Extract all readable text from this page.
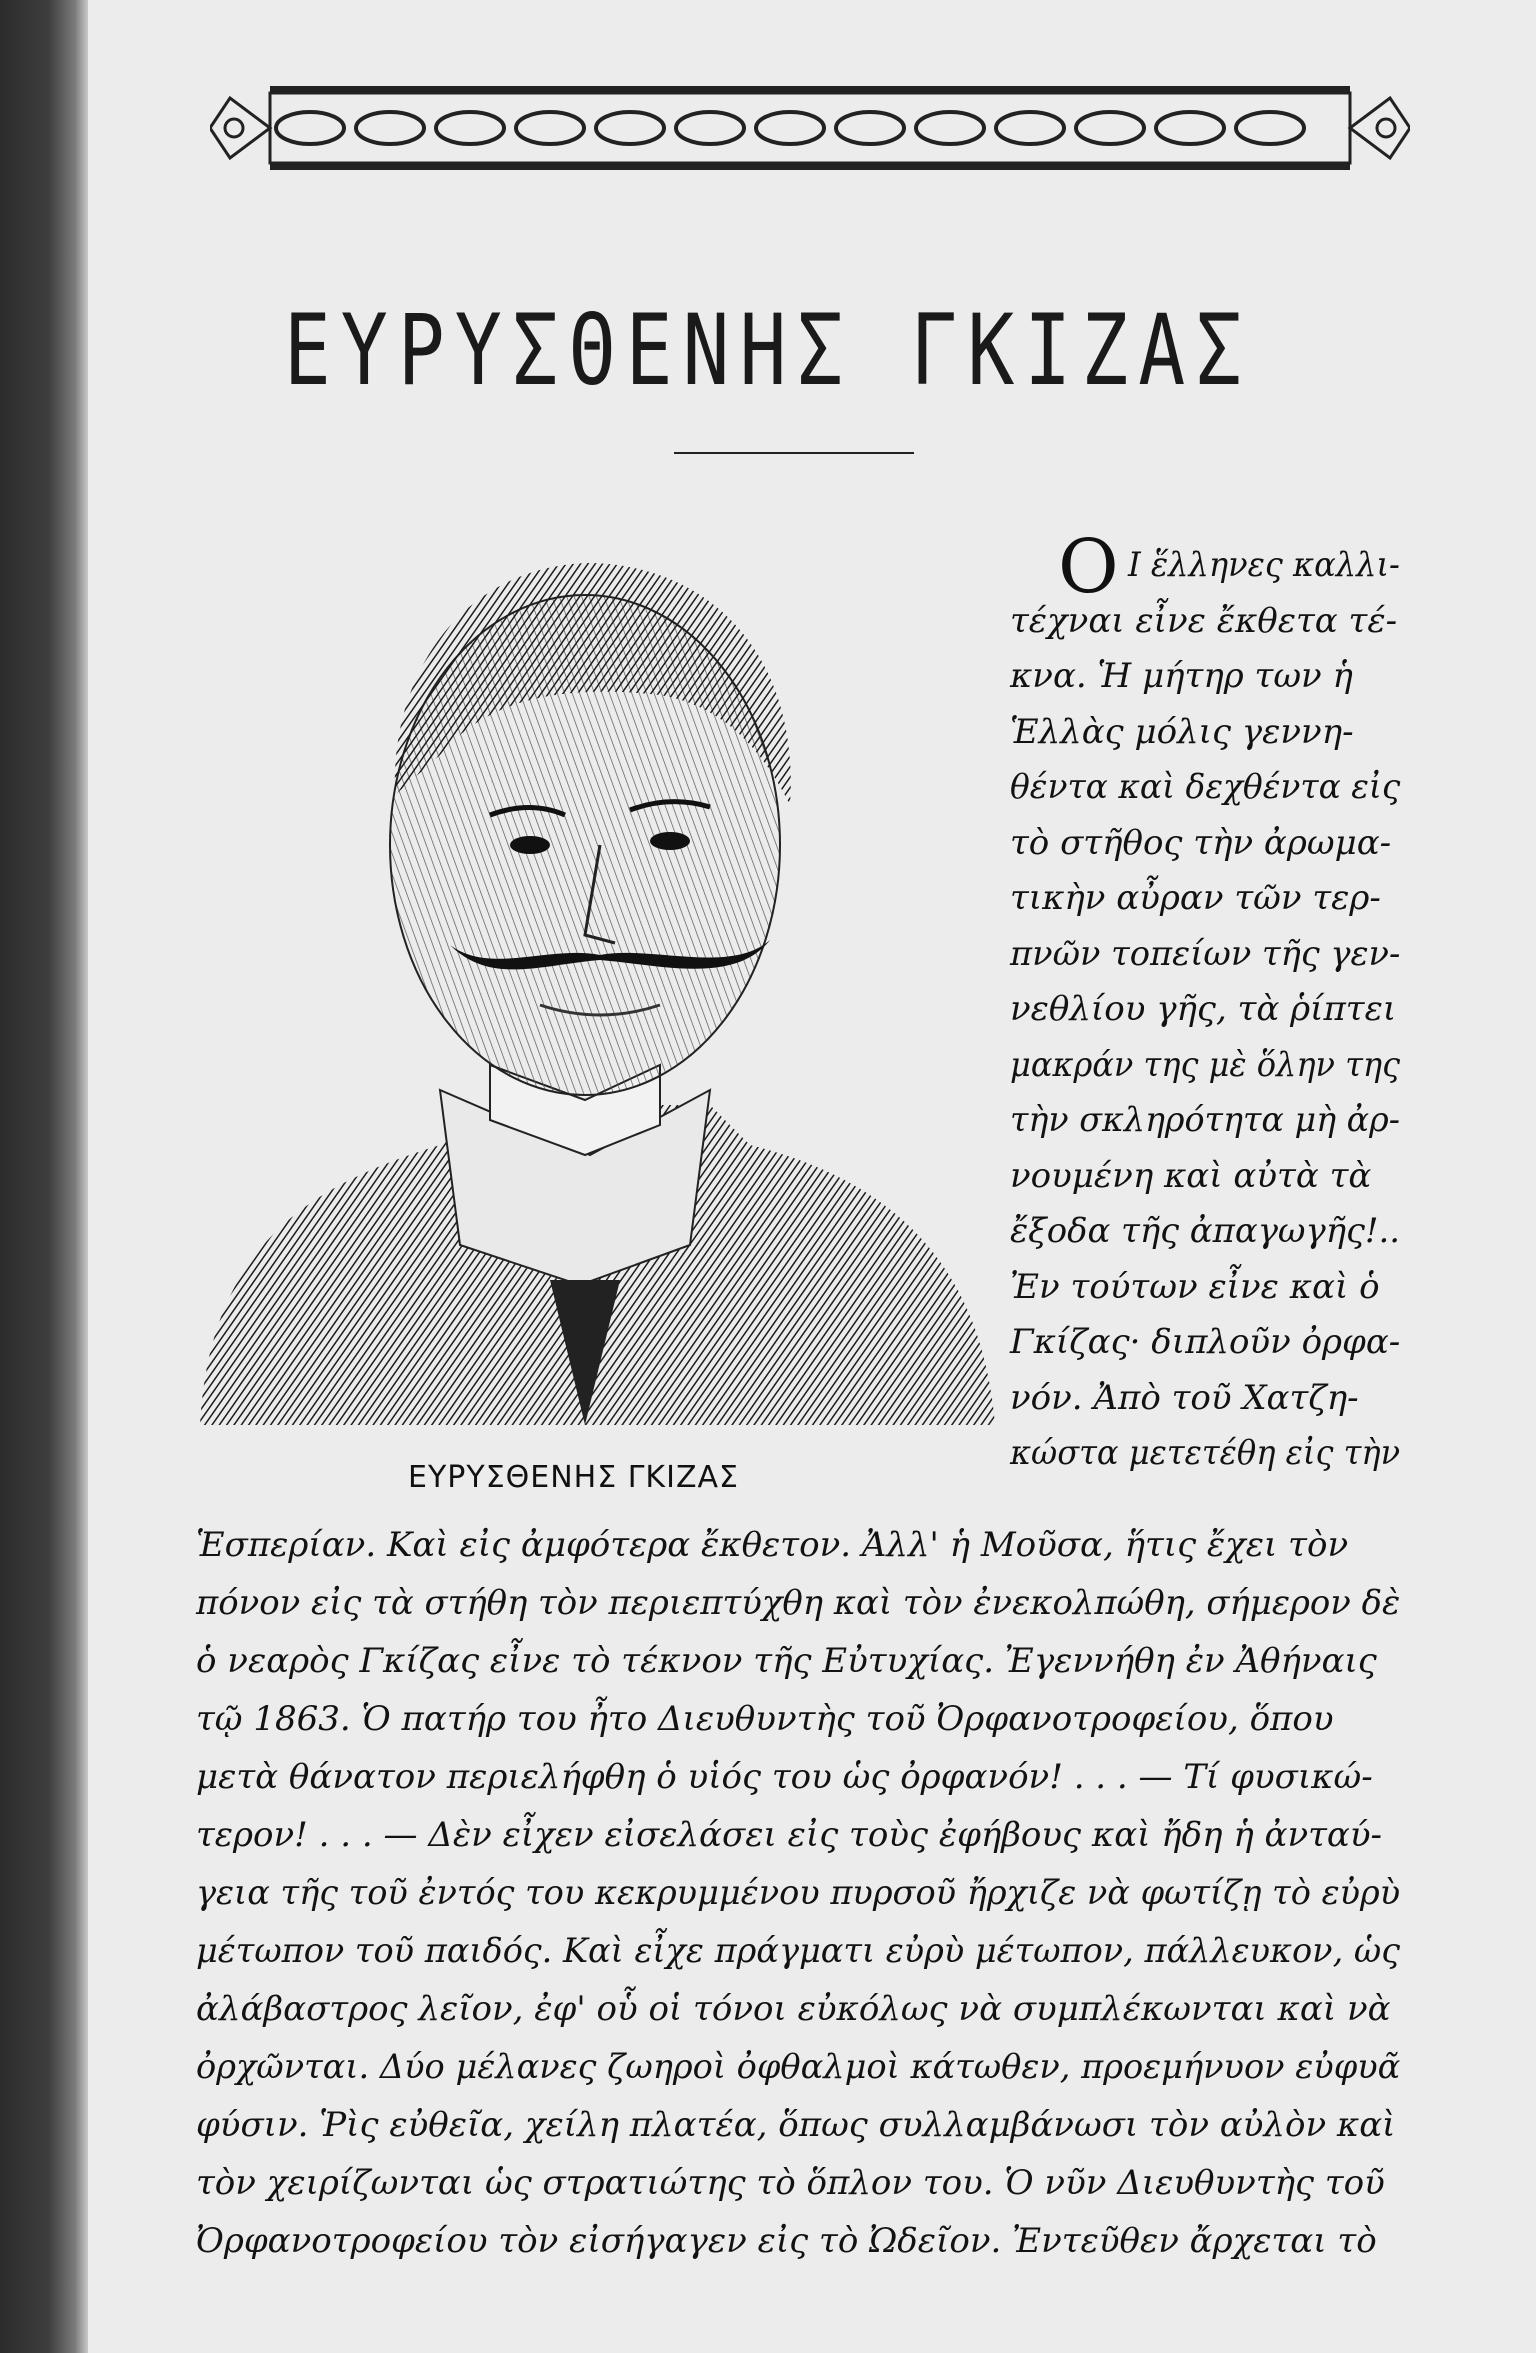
ΕΥΡΥΣΘΕΝΗΣ ΓΚΙΖΑΣ
ΕΥΡΥΣΘΕΝΗΣ ΓΚΙΖΑΣ
Ο Ι ἕλληνες καλλι-
τέχναι εἶνε ἔκθετα τέ-
κνα. Ἡ μήτηρ των ἡ
Ἑλλὰς μόλις γεννη-
θέντα καὶ δεχθέντα εἰς
τὸ στῆθος τὴν ἀρωμα-
τικὴν αὖραν τῶν τερ-
πνῶν τοπείων τῆς γεν-
νεθλίου γῆς, τὰ ῥίπτει
μακράν της μὲ ὅλην της
τὴν σκληρότητα μὴ ἀρ-
νουμένη καὶ αὐτὰ τὰ
ἔξοδα τῆς ἀπαγωγῆς!..
Ἐν τούτων εἶνε καὶ ὁ
Γκίζας· διπλοῦν ὀρφα-
νόν. Ἀπὸ τοῦ Χατζη-
κώστα μετετέθη εἰς τὴν
Ἑσπερίαν. Καὶ εἰς ἀμφότερα ἔκθετον. Ἀλλ' ἡ Μοῦσα, ἥτις ἔχει τὸν
πόνον εἰς τὰ στήθη τὸν περιεπτύχθη καὶ τὸν ἐνεκολπώθη, σήμερον δὲ
ὁ νεαρὸς Γκίζας εἶνε τὸ τέκνον τῆς Εὐτυχίας. Ἐγεννήθη ἐν Ἀθήναις
τῷ 1863. Ὁ πατήρ του ἦτο Διευθυντὴς τοῦ Ὀρφανοτροφείου, ὅπου
μετὰ θάνατον περιελήφθη ὁ υἱός του ὡς ὀρφανόν! . . . — Τί φυσικώ-
τερον! . . . — Δὲν εἶχεν εἰσελάσει εἰς τοὺς ἐφήβους καὶ ἤδη ἡ ἀνταύ-
γεια τῆς τοῦ ἐντός του κεκρυμμένου πυρσοῦ ἤρχιζε νὰ φωτίζῃ τὸ εὐρὺ
μέτωπον τοῦ παιδός. Καὶ εἶχε πράγματι εὐρὺ μέτωπον, πάλλευκον, ὡς
ἀλάβαστρος λεῖον, ἐφ' οὗ οἱ τόνοι εὐκόλως νὰ συμπλέκωνται καὶ νὰ
ὀρχῶνται. Δύο μέλανες ζωηροὶ ὀφθαλμοὶ κάτωθεν, προεμήνυον εὐφυᾶ
φύσιν. Ῥὶς εὐθεῖα, χείλη πλατέα, ὅπως συλλαμβάνωσι τὸν αὐλὸν καὶ
τὸν χειρίζωνται ὡς στρατιώτης τὸ ὅπλον του. Ὁ νῦν Διευθυντὴς τοῦ
Ὀρφανοτροφείου τὸν εἰσήγαγεν εἰς τὸ Ὠδεῖον. Ἐντεῦθεν ἄρχεται τὸ
